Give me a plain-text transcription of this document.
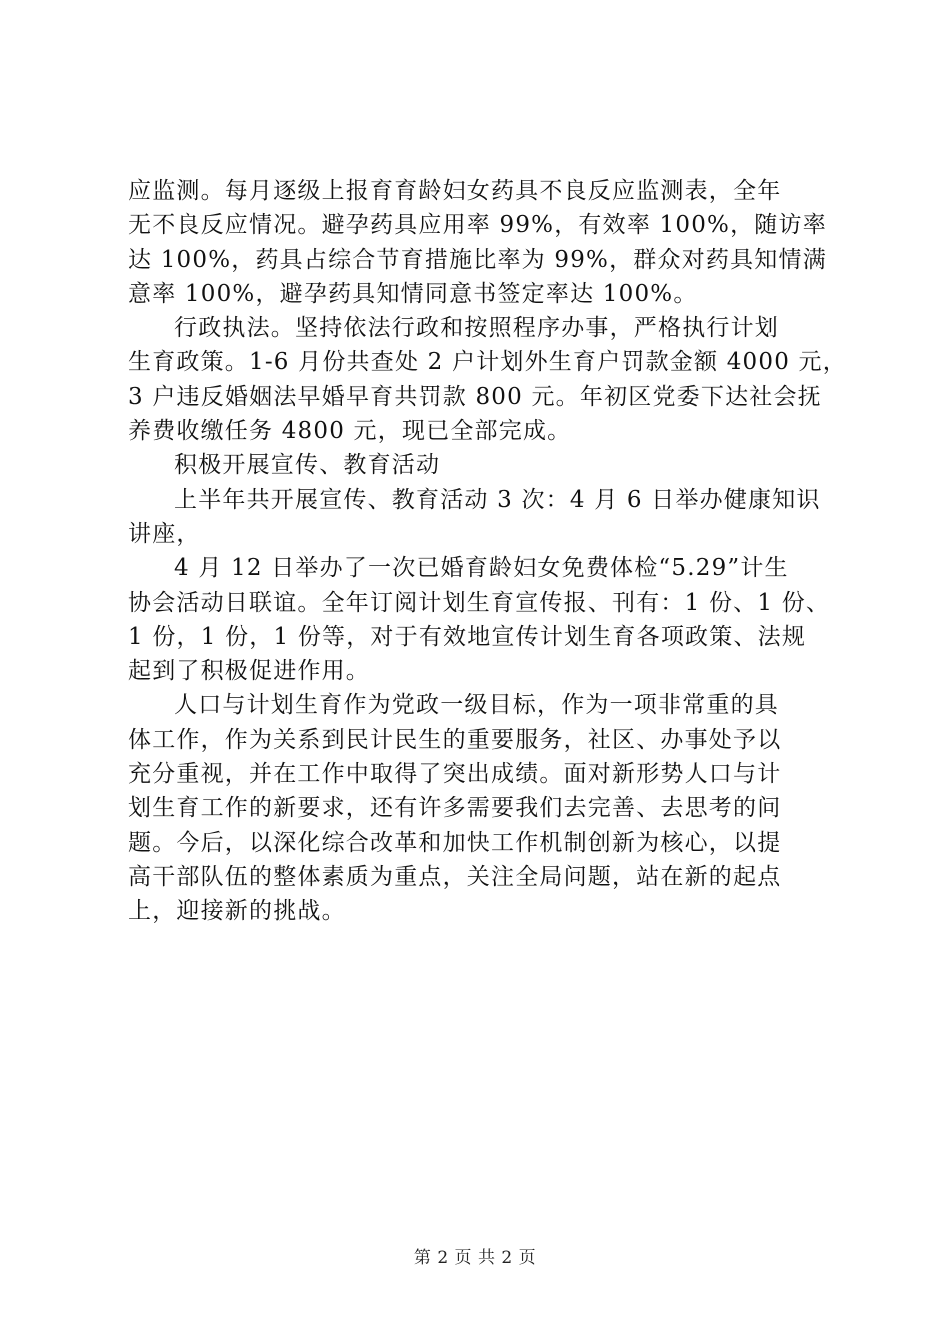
应监测。每月逐级上报育育龄妇女药具不良反应监测表，全年
无不良反应情况。避孕药具应用率 99%，有效率 100%，随访率
达 100%，药具占综合节育措施比率为 99%，群众对药具知情满
意率 100%，避孕药具知情同意书签定率达 100%。
行政执法。坚持依法行政和按照程序办事，严格执行计划
生育政策。1-6 月份共查处 2 户计划外生育户罚款金额 4000 元，
3 户违反婚姻法早婚早育共罚款 800 元。年初区党委下达社会抚
养费收缴任务 4800 元，现已全部完成。
积极开展宣传、教育活动
上半年共开展宣传、教育活动 3 次：4 月 6 日举办健康知识
讲座，
4 月 12 日举办了一次已婚育龄妇女免费体检“5.29”计生
协会活动日联谊。全年订阅计划生育宣传报、刊有：1 份、1 份、
1 份，1 份，1 份等，对于有效地宣传计划生育各项政策、法规
起到了积极促进作用。
人口与计划生育作为党政一级目标，作为一项非常重的具
体工作，作为关系到民计民生的重要服务，社区、办事处予以
充分重视，并在工作中取得了突出成绩。面对新形势人口与计
划生育工作的新要求，还有许多需要我们去完善、去思考的问
题。今后，以深化综合改革和加快工作机制创新为核心，以提
高干部队伍的整体素质为重点，关注全局问题，站在新的起点
上，迎接新的挑战。
第 2 页 共 2 页
